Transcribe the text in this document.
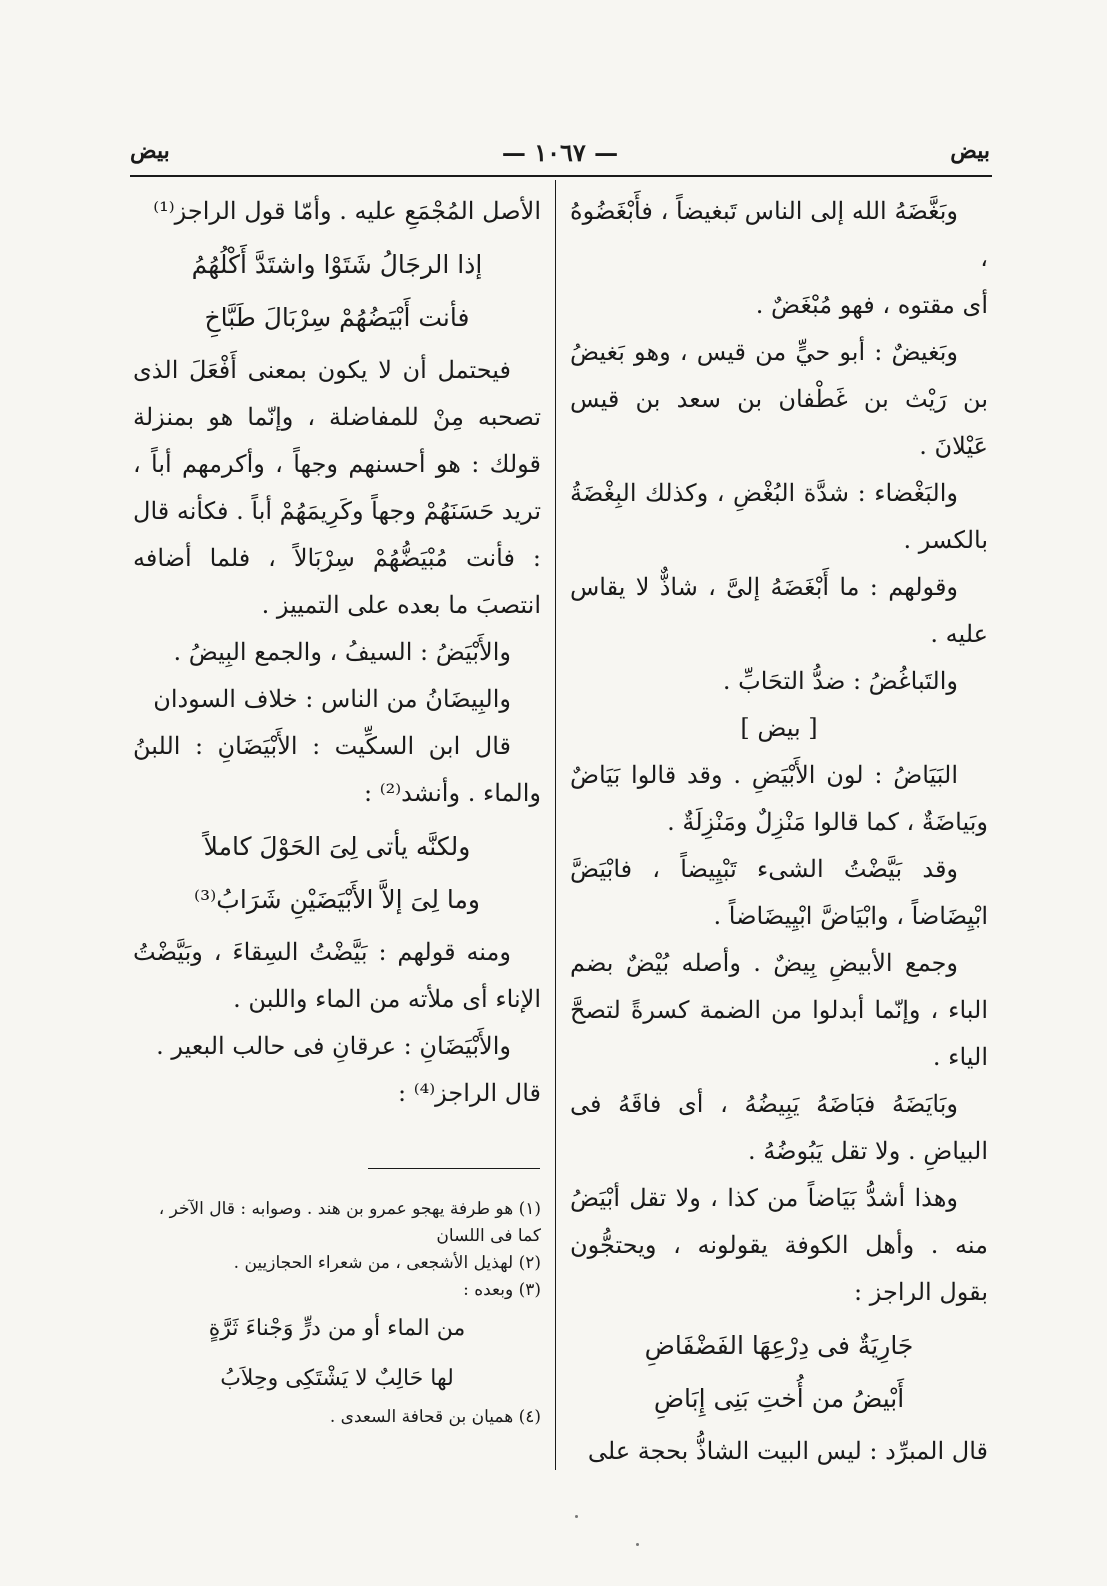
بيض
— ١٠٦٧ —
بيض

وبَغَّضَهُ الله إلى الناس تَبغيضاً ، فأَبْغَضُوهُ ،

أى مقتوه ، فهو مُبْغَضٌ .

وبَغيضٌ : أبو حيٍّ من قيس ، وهو بَغيضُ بن رَيْث بن غَطْفان بن سعد بن قيس عَيْلانَ .

والبَغْضاء : شدَّة البُغْضِ ، وكذلك البِغْضَةُ بالكسر .

وقولهم : ما أَبْغَضَهُ إلىَّ ، شاذٌّ لا يقاس عليه .

والتَباغُضُ : ضدُّ التحَابِّ .

[ بيض ]

البَيَاضُ : لون الأَبْيَضِ . وقد قالوا بَيَاضٌ وبَياضَةٌ ، كما قالوا مَنْزِلٌ ومَنْزِلَةٌ .

وقد بَيَّضْتُ الشىء تَبْيِيضاً ، فابْيَضَّ ابْيِضَاضاً ، وابْيَاضَّ ابْيِيضَاضاً .

وجمع الأبيضِ بِيضٌ . وأصله بُيْضٌ بضم الباء ، وإنّما أبدلوا من الضمة كسرةً لتصحَّ الياء .

وبَايَضَهُ فبَاضَهُ يَبِيضُهُ ، أى فاقَهُ فى البياضِ . ولا تقل يَبُوضُهُ .

وهذا أشدُّ بَيَاضاً من كذا ، ولا تقل أبْيَضُ منه . وأهل الكوفة يقولونه ، ويحتجُّون بقول الراجز :

جَارِيَةٌ فى دِرْعِهَا الفَضْفَاضِ

أَبْيضُ من أُختِ بَنِى إِبَاضِ

قال المبرِّد : ليس البيت الشاذُّ بحجة على

الأصل المُجْمَعِ عليه . وأمّا قول الراجز⁽¹⁾

إذا الرجَالُ شَتَوْا واشتَدَّ أَكْلُهُمُ

فأنت أَبْيَضُهُمْ سِرْبَالَ طَبَّاخِ

فيحتمل أن لا يكون بمعنى أَفْعَلَ الذى تصحبه مِنْ للمفاضلة ، وإنّما هو بمنزلة قولك : هو أحسنهم وجهاً ، وأكرمهم أباً ، تريد حَسَنَهُمْ وجهاً وكَرِيمَهُمْ أباً . فكأنه قال : فأنت مُبْيَضُّهُمْ سِرْبَالاً ، فلما أضافه انتصبَ ما بعده على التمييز .

والأَبْيَضُ : السيفُ ، والجمع البِيضُ .

والبِيضَانُ من الناس : خلاف السودان

قال ابن السكِّيت : الأَبْيَضَانِ : اللبنُ والماء . وأنشد⁽²⁾ :

ولكنَّه يأتى لِىَ الحَوْلَ كاملاً

وما لِىَ إلاَّ الأَبْيَضَيْنِ شَرَابُ⁽³⁾

ومنه قولهم : بَيَّضْتُ السِقاءَ ، وبَيَّضْتُ الإناء أى ملأته من الماء واللبن .

والأَبْيَضَانِ : عرقانِ فى حالب البعير .

قال الراجز⁽⁴⁾ :

(١) هو طرفة يهجو عمرو بن هند . وصوابه : قال الآخر ، كما فى اللسان

(٢) لهذيل الأشجعى ، من شعراء الحجازيين .

(٣) وبعده :

من الماء أو من درٍّ وَجْناءَ ثَرَّةٍ

لها حَالِبٌ لا يَشْتَكِى وحِلاَبُ

(٤) هميان بن قحافة السعدى .
